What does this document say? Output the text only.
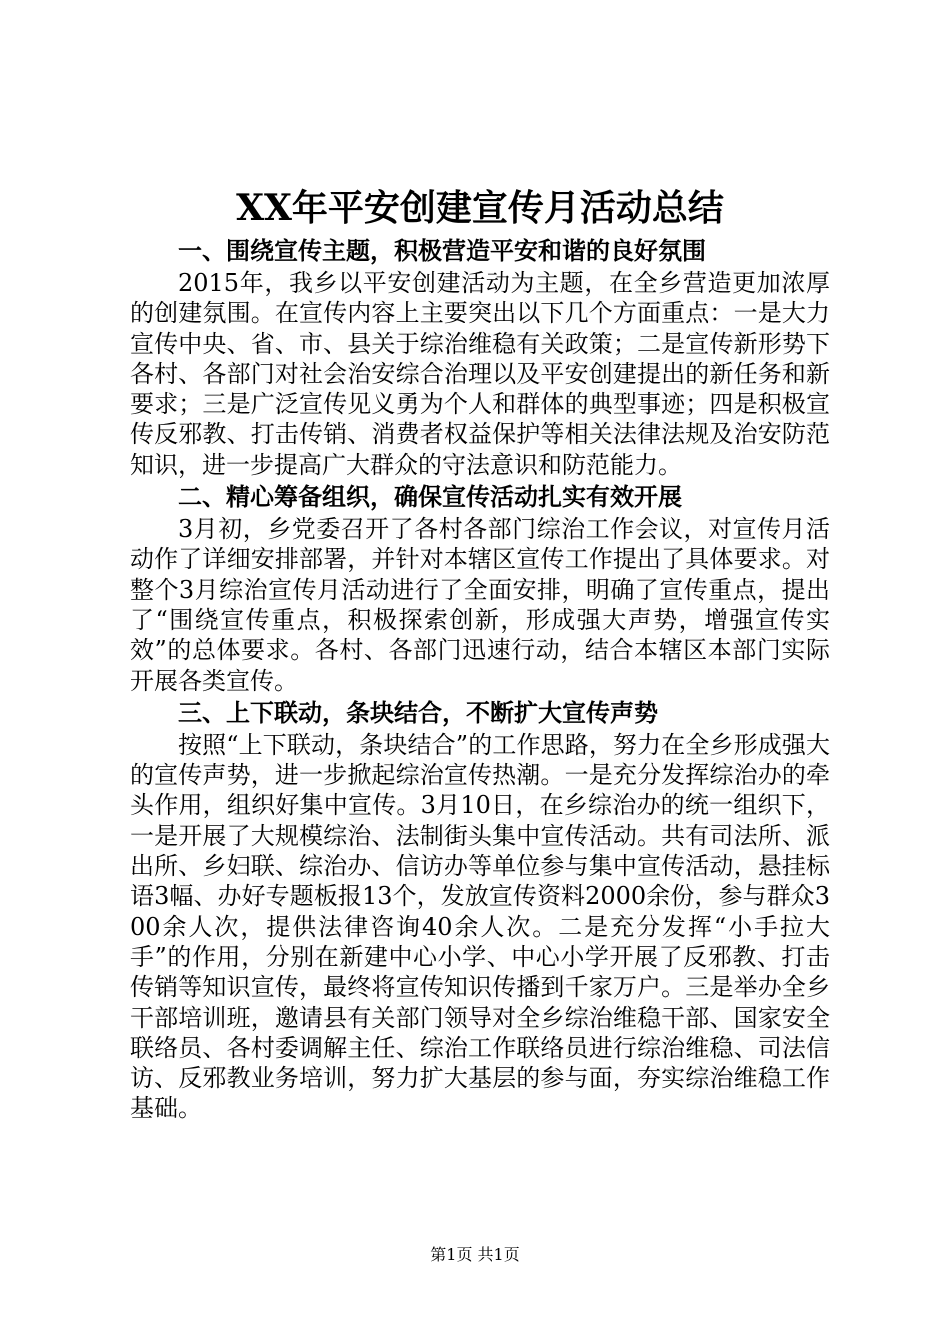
XX年平安创建宣传月活动总结
一、围绕宣传主题，积极营造平安和谐的良好氛围

2015年，我乡以平安创建活动为主题，在全乡营造更加浓厚的创建氛围。在宣传内容上主要突出以下几个方面重点：一是大力宣传中央、省、市、县关于综治维稳有关政策；二是宣传新形势下各村、各部门对社会治安综合治理以及平安创建提出的新任务和新要求；三是广泛宣传见义勇为个人和群体的典型事迹；四是积极宣传反邪教、打击传销、消费者权益保护等相关法律法规及治安防范知识，进一步提高广大群众的守法意识和防范能力。

二、精心筹备组织，确保宣传活动扎实有效开展

3月初，乡党委召开了各村各部门综治工作会议，对宣传月活动作了详细安排部署，并针对本辖区宣传工作提出了具体要求。对整个3月综治宣传月活动进行了全面安排，明确了宣传重点，提出了“围绕宣传重点，积极探索创新，形成强大声势，增强宣传实效”的总体要求。各村、各部门迅速行动，结合本辖区本部门实际开展各类宣传。

三、上下联动，条块结合，不断扩大宣传声势

按照“上下联动，条块结合”的工作思路，努力在全乡形成强大的宣传声势，进一步掀起综治宣传热潮。一是充分发挥综治办的牵头作用，组织好集中宣传。3月10日，在乡综治办的统一组织下，一是开展了大规模综治、法制街头集中宣传活动。共有司法所、派出所、乡妇联、综治办、信访办等单位参与集中宣传活动，悬挂标语3幅、办好专题板报13个，发放宣传资料2000余份，参与群众300余人次，提供法律咨询40余人次。二是充分发挥“小手拉大手”的作用，分别在新建中心小学、中心小学开展了反邪教、打击传销等知识宣传，最终将宣传知识传播到千家万户。三是举办全乡干部培训班，邀请县有关部门领导对全乡综治维稳干部、国家安全联络员、各村委调解主任、综治工作联络员进行综治维稳、司法信访、反邪教业务培训，努力扩大基层的参与面，夯实综治维稳工作基础。

第1页 共1页
